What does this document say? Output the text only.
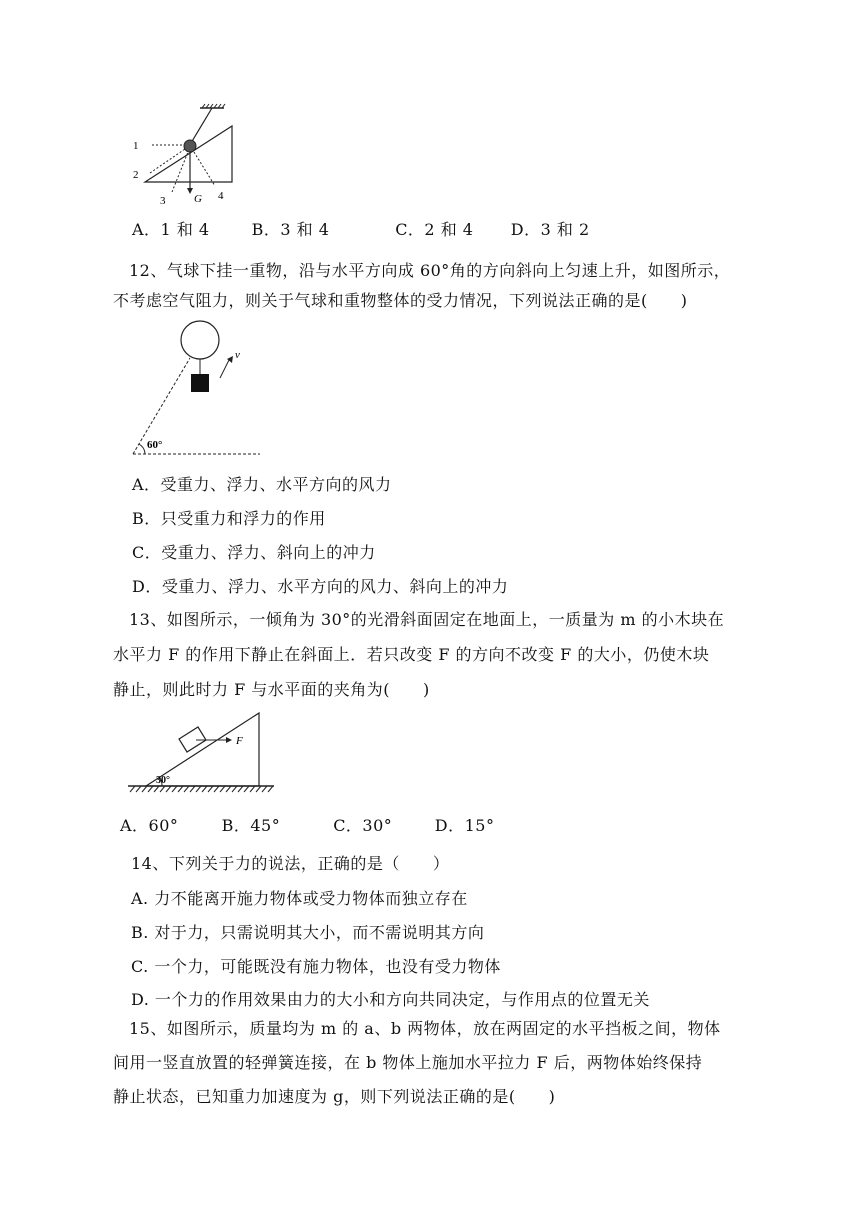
1
2
3	G 4
A．1 和 4	B．3 和 4	C．2 和 4 D．3 和 2
12、气球下挂一重物，沿与水平方向成 60°角的方向斜向上匀速上升，如图所示，
不考虑空气阻力，则关于气球和重物整体的受力情况，下列说法正确的是(　　)
v
60°
A．受重力、浮力、水平方向的风力
B．只受重力和浮力的作用
C．受重力、浮力、斜向上的冲力
D．受重力、浮力、水平方向的风力、斜向上的冲力
13、如图所示，一倾角为 30°的光滑斜面固定在地面上，一质量为 m 的小木块在
水平力 F 的作用下静止在斜面上．若只改变 F 的方向不改变 F 的大小，仍使木块
静止，则此时力 F 与水平面的夹角为(　　)
F
30°
A．60°	B．45°	C．30°	D．15°
14、下列关于力的说法，正确的是（　　）
A. 力不能离开施力物体或受力物体而独立存在
B. 对于力，只需说明其大小，而不需说明其方向
C. 一个力，可能既没有施力物体，也没有受力物体
D. 一个力的作用效果由力的大小和方向共同决定，与作用点的位置无关
15、如图所示，质量均为 m 的 a、b 两物体，放在两固定的水平挡板之间，物体
间用一竖直放置的轻弹簧连接，在 b 物体上施加水平拉力 F 后，两物体始终保持
静止状态，已知重力加速度为 g，则下列说法正确的是(　　)
